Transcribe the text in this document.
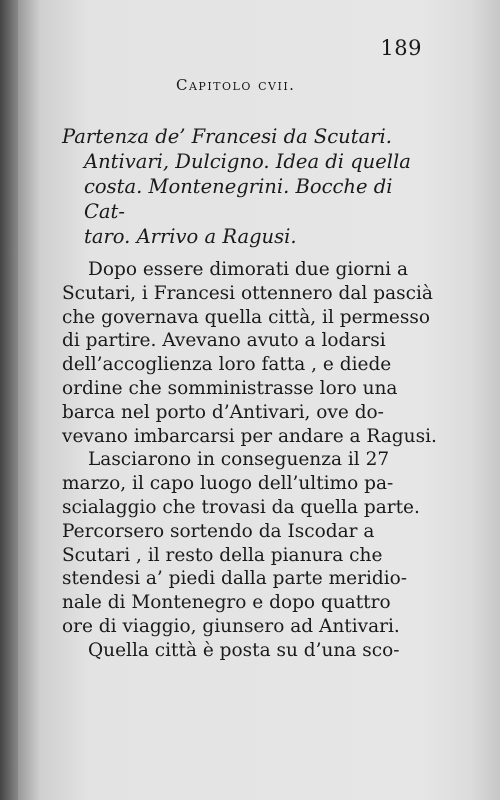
189
Capitolo cvii.
Partenza de’ Francesi da Scutari.
Antivari, Dulcigno. Idea di quella
costa. Montenegrini. Bocche di Cat-
taro. Arrivo a Ragusi.
Dopo essere dimorati due giorni a
Scutari, i Francesi ottennero dal pascià
che governava quella città, il permesso
di partire. Avevano avuto a lodarsi
dell’accoglienza loro fatta , e diede
ordine che somministrasse loro una
barca nel porto d’Antivari, ove do-
vevano imbarcarsi per andare a Ragusi.
Lasciarono in conseguenza il 27
marzo, il capo luogo dell’ultimo pa-
scialaggio che trovasi da quella parte.
Percorsero sortendo da Iscodar a
Scutari , il resto della pianura che
stendesi a’ piedi dalla parte meridio-
nale di Montenegro e dopo quattro
ore di viaggio, giunsero ad Antivari.
Quella città è posta su d’una sco-
